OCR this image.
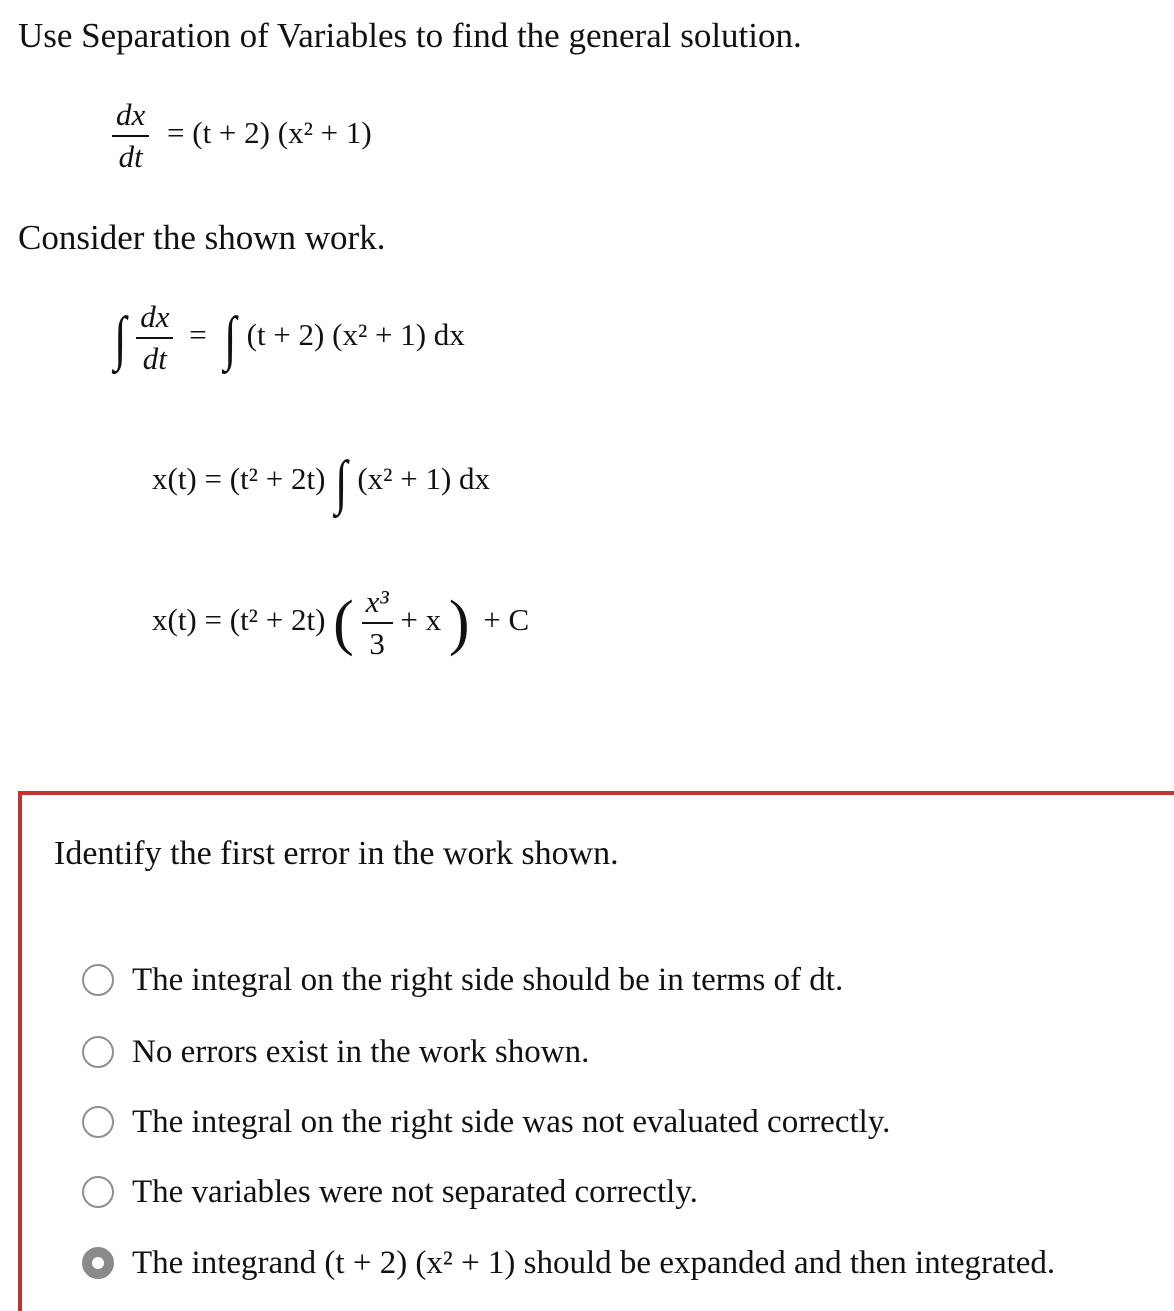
Use Separation of Variables to find the general solution.
$\frac{dx}{dt} = (t + 2) (x^2 + 1)$
Consider the shown work.
∫ $\frac{dx}{dt}$ = ∫ (t + 2) (x² + 1) dx
x(t) = (t² + 2t) ∫ (x² + 1) dx
x(t) = (t² + 2t) ( $\frac{\text{x³}}{3} + x$ ) + C
Identify the first error in the work shown.
The integral on the right side should be in terms of dt.
No errors exist in the work shown.
The integral on the right side was not evaluated correctly.
The variables were not separated correctly.
The integrand (t + 2) (x² + 1) should be expanded and then integrated.
